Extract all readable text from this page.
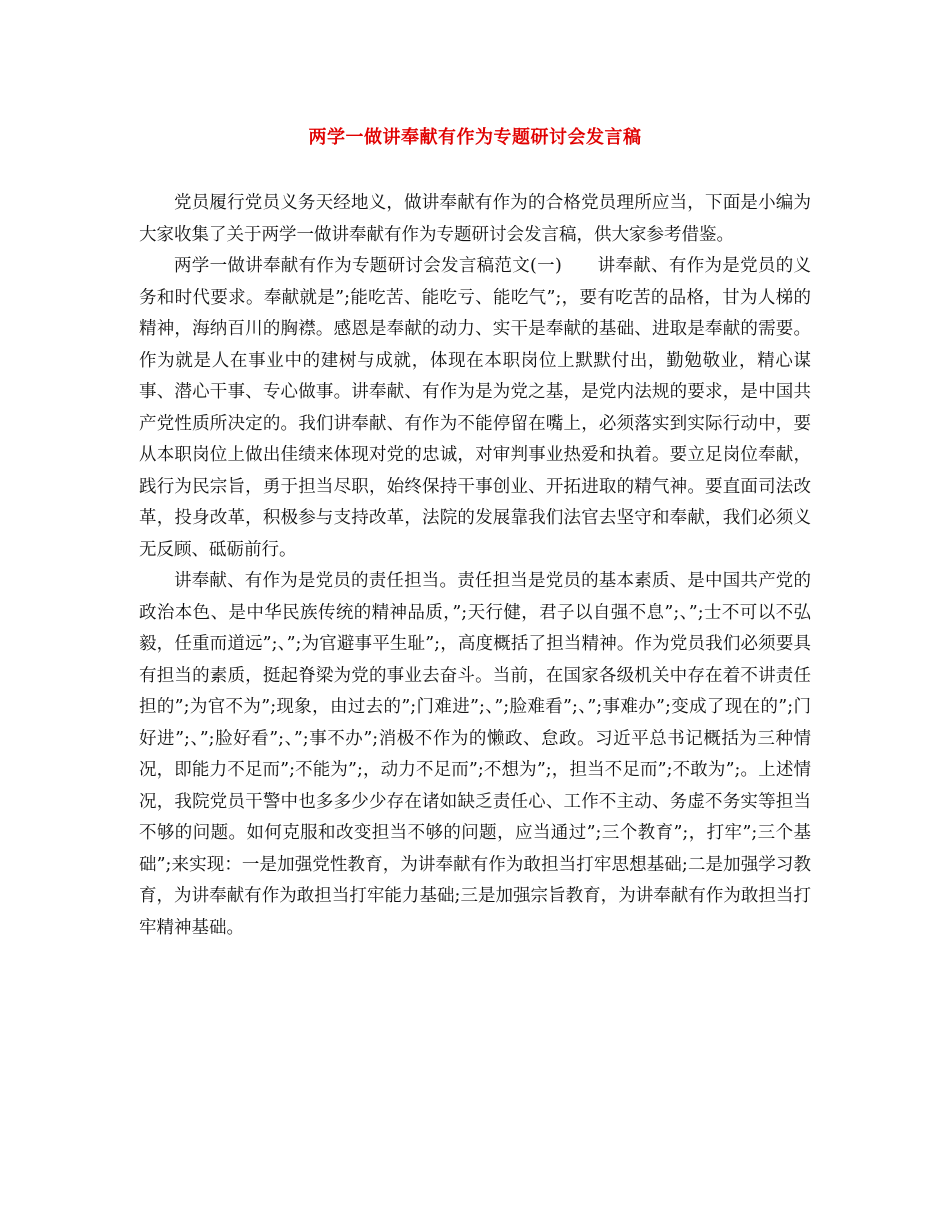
两学一做讲奉献有作为专题研讨会发言稿

党员履行党员义务天经地义，做讲奉献有作为的合格党员理所应当，下面是小编为大家收集了关于两学一做讲奉献有作为专题研讨会发言稿，供大家参考借鉴。

两学一做讲奉献有作为专题研讨会发言稿范文(一)　　讲奉献、有作为是党员的义务和时代要求。奉献就是”;能吃苦、能吃亏、能吃气”;，要有吃苦的品格，甘为人梯的精神，海纳百川的胸襟。感恩是奉献的动力、实干是奉献的基础、进取是奉献的需要。作为就是人在事业中的建树与成就，体现在本职岗位上默默付出，勤勉敬业，精心谋事、潜心干事、专心做事。讲奉献、有作为是为党之基，是党内法规的要求，是中国共产党性质所决定的。我们讲奉献、有作为不能停留在嘴上，必须落实到实际行动中，要从本职岗位上做出佳绩来体现对党的忠诚，对审判事业热爱和执着。要立足岗位奉献，践行为民宗旨，勇于担当尽职，始终保持干事创业、开拓进取的精气神。要直面司法改革，投身改革，积极参与支持改革，法院的发展靠我们法官去坚守和奉献，我们必须义无反顾、砥砺前行。

讲奉献、有作为是党员的责任担当。责任担当是党员的基本素质、是中国共产党的政治本色、是中华民族传统的精神品质，”;天行健，君子以自强不息”;、”;士不可以不弘毅，任重而道远”;、”;为官避事平生耻”;，高度概括了担当精神。作为党员我们必须要具有担当的素质，挺起脊梁为党的事业去奋斗。当前，在国家各级机关中存在着不讲责任担的”;为官不为”;现象，由过去的”;门难进”;、”;脸难看”;、”;事难办”;变成了现在的”;门好进”;、”;脸好看”;、”;事不办”;消极不作为的懒政、怠政。习近平总书记概括为三种情况，即能力不足而”;不能为”;，动力不足而”;不想为”;，担当不足而”;不敢为”;。上述情况，我院党员干警中也多多少少存在诸如缺乏责任心、工作不主动、务虚不务实等担当不够的问题。如何克服和改变担当不够的问题，应当通过”;三个教育”;，打牢”;三个基础”;来实现：一是加强党性教育，为讲奉献有作为敢担当打牢思想基础;二是加强学习教育，为讲奉献有作为敢担当打牢能力基础;三是加强宗旨教育，为讲奉献有作为敢担当打牢精神基础。
